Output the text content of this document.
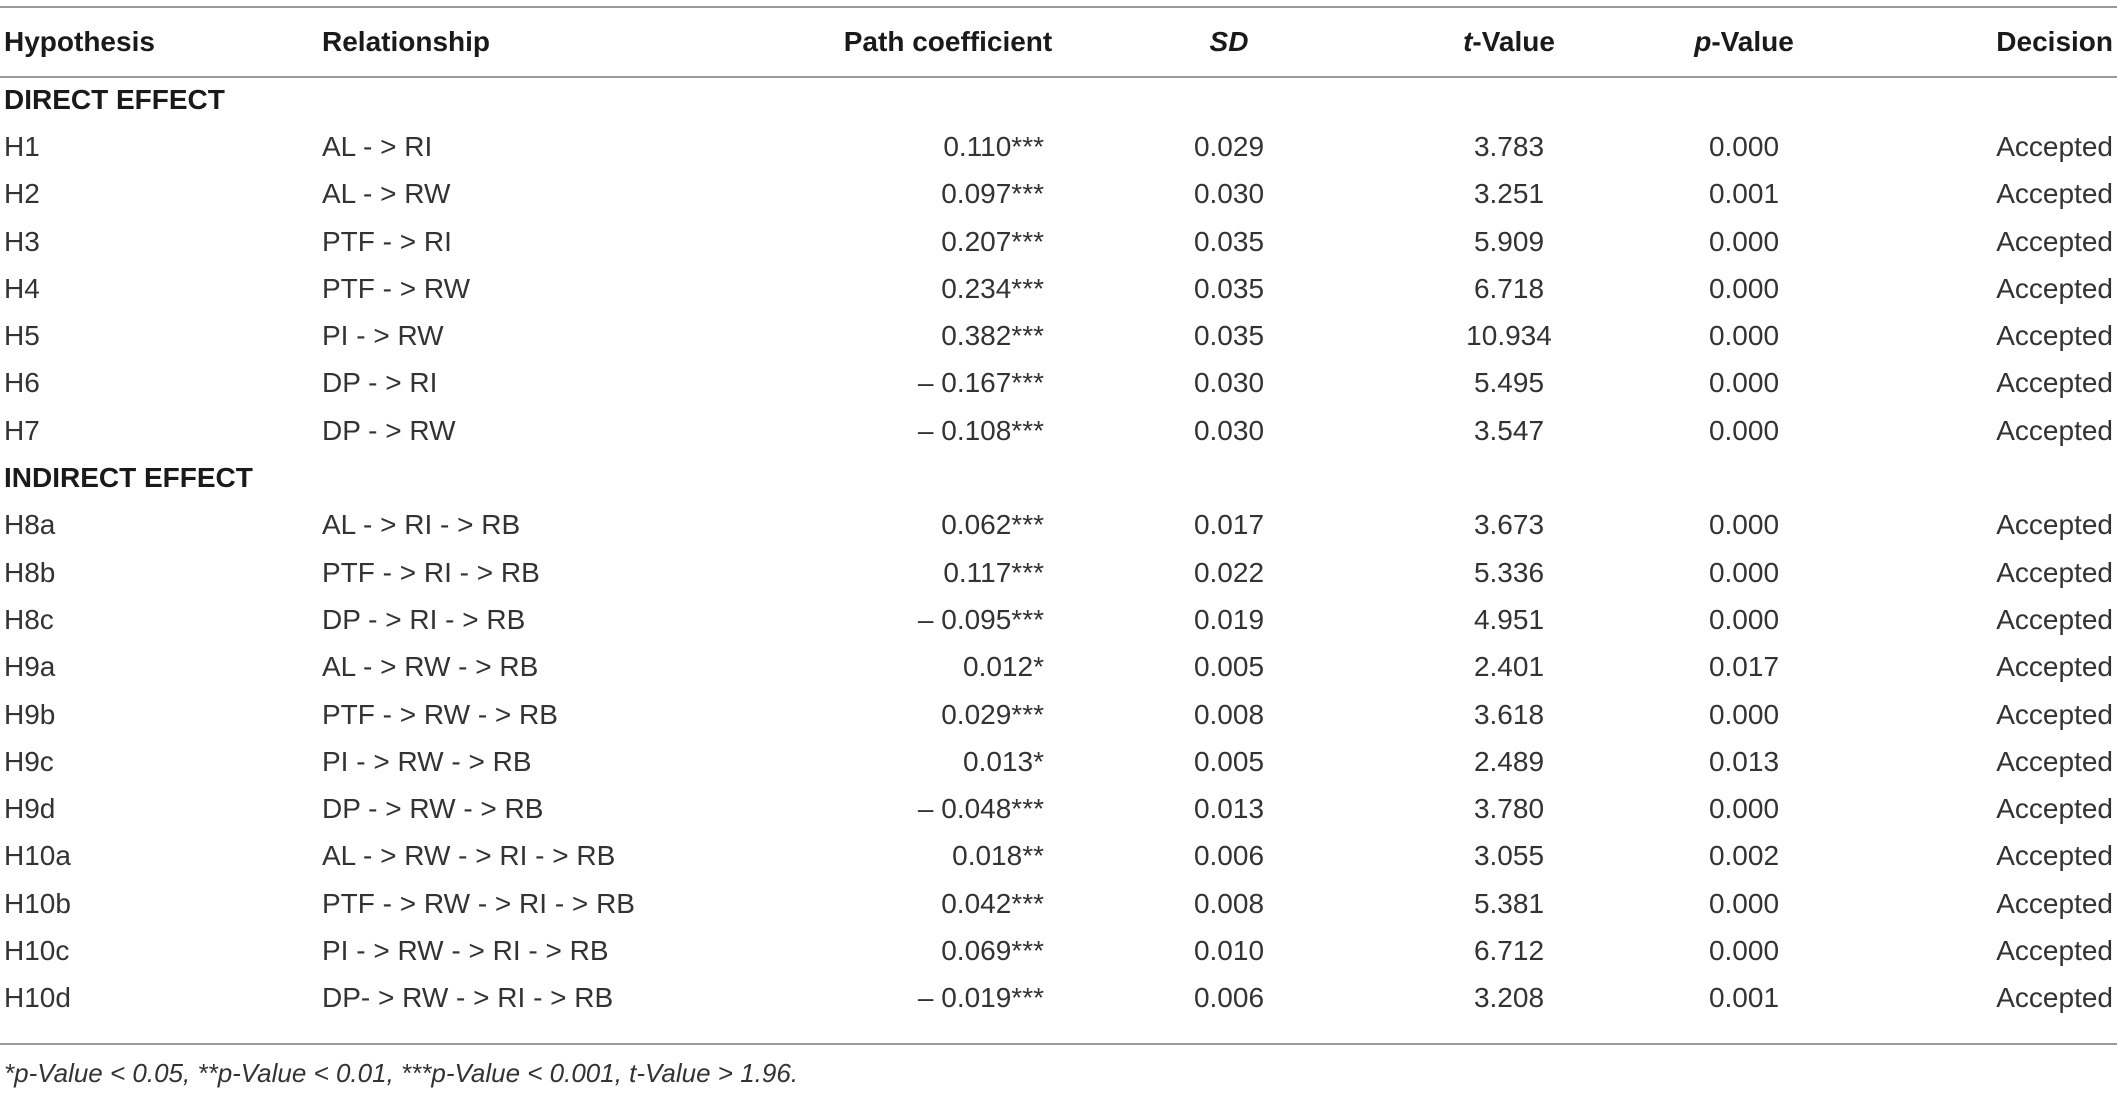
Hypothesis	Relationship	Path coefficient	SD	t-Value	p-Value	Decision
DIRECT EFFECT						
H1	AL - > RI	0.110***	0.029	3.783	0.000	Accepted
H2	AL - > RW	0.097***	0.030	3.251	0.001	Accepted
H3	PTF - > RI	0.207***	0.035	5.909	0.000	Accepted
H4	PTF - > RW	0.234***	0.035	6.718	0.000	Accepted
H5	PI - > RW	0.382***	0.035	10.934	0.000	Accepted
H6	DP - > RI	– 0.167***	0.030	5.495	0.000	Accepted
H7	DP - > RW	– 0.108***	0.030	3.547	0.000	Accepted
INDIRECT EFFECT						
H8a	AL - > RI - > RB	0.062***	0.017	3.673	0.000	Accepted
H8b	PTF - > RI - > RB	0.117***	0.022	5.336	0.000	Accepted
H8c	DP - > RI - > RB	– 0.095***	0.019	4.951	0.000	Accepted
H9a	AL - > RW - > RB	0.012*	0.005	2.401	0.017	Accepted
H9b	PTF - > RW - > RB	0.029***	0.008	3.618	0.000	Accepted
H9c	PI - > RW - > RB	0.013*	0.005	2.489	0.013	Accepted
H9d	DP - > RW - > RB	– 0.048***	0.013	3.780	0.000	Accepted
H10a	AL - > RW - > RI - > RB	0.018**	0.006	3.055	0.002	Accepted
H10b	PTF - > RW - > RI - > RB	0.042***	0.008	5.381	0.000	Accepted
H10c	PI - > RW - > RI - > RB	0.069***	0.010	6.712	0.000	Accepted
H10d	DP- > RW - > RI - > RB	– 0.019***	0.006	3.208	0.001	Accepted
*p-Value < 0.05, **p-Value < 0.01, ***p-Value < 0.001, t-Value > 1.96.
